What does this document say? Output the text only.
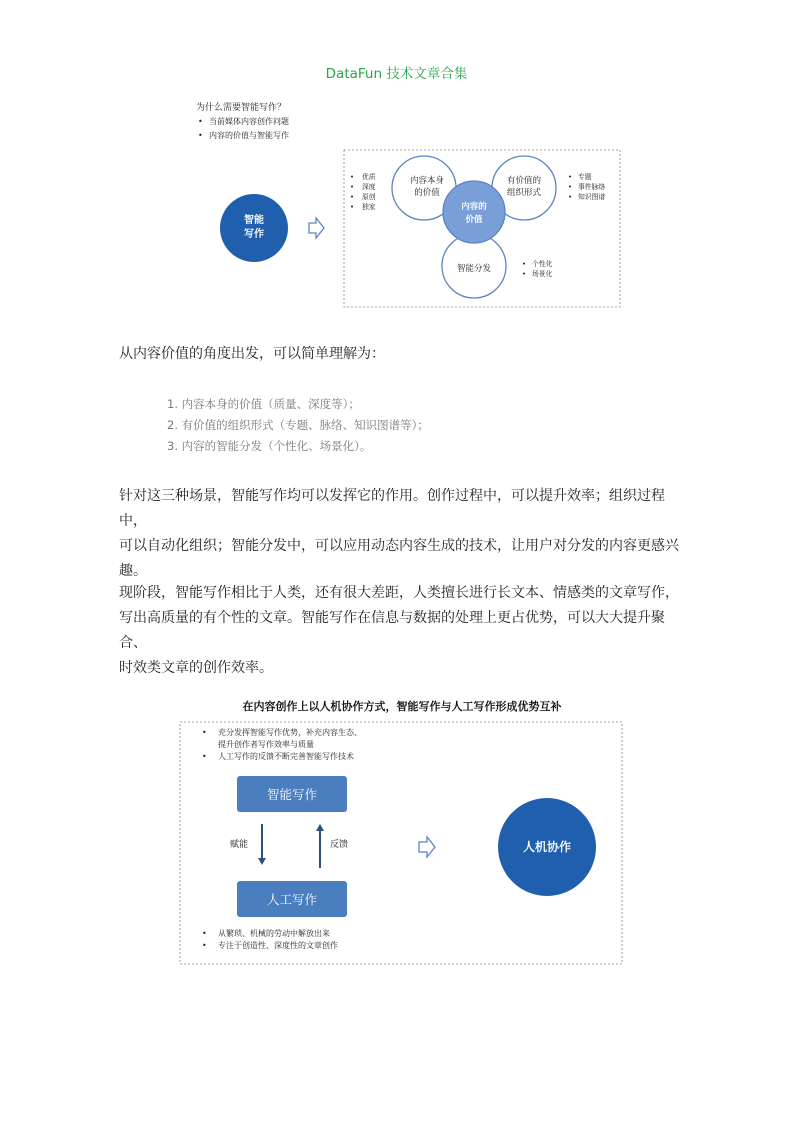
DataFun 技术文章合集
为什么需要智能写作？
• 当前媒体内容创作问题
• 内容的价值与智能写作
智能
写作
• 优质
• 深度
• 原创
• 独家
内容本身
的价值
有价值的
组织形式
内容的
价值
智能分发
• 专题
• 事件脉络
• 知识图谱
• 个性化
• 场景化
从内容价值的角度出发，可以简单理解为：
1. 内容本身的价值（质量、深度等）；
2. 有价值的组织形式（专题、脉络、知识图谱等）；
3. 内容的智能分发（个性化、场景化）。
针对这三种场景，智能写作均可以发挥它的作用。创作过程中，可以提升效率；组织过程中，
可以自动化组织；智能分发中，可以应用动态内容生成的技术，让用户对分发的内容更感兴
趣。
现阶段，智能写作相比于人类，还有很大差距，人类擅长进行长文本、情感类的文章写作，
写出高质量的有个性的文章。智能写作在信息与数据的处理上更占优势，可以大大提升聚合、
时效类文章的创作效率。
在内容创作上以人机协作方式，智能写作与人工写作形成优势互补
• 充分发挥智能写作优势，补充内容生态、
提升创作者写作效率与质量
• 人工写作的反馈不断完善智能写作技术
智能写作
人工写作
赋能	反馈	人机协作
• 从繁琐、机械的劳动中解放出来
• 专注于创造性、深度性的文章创作
